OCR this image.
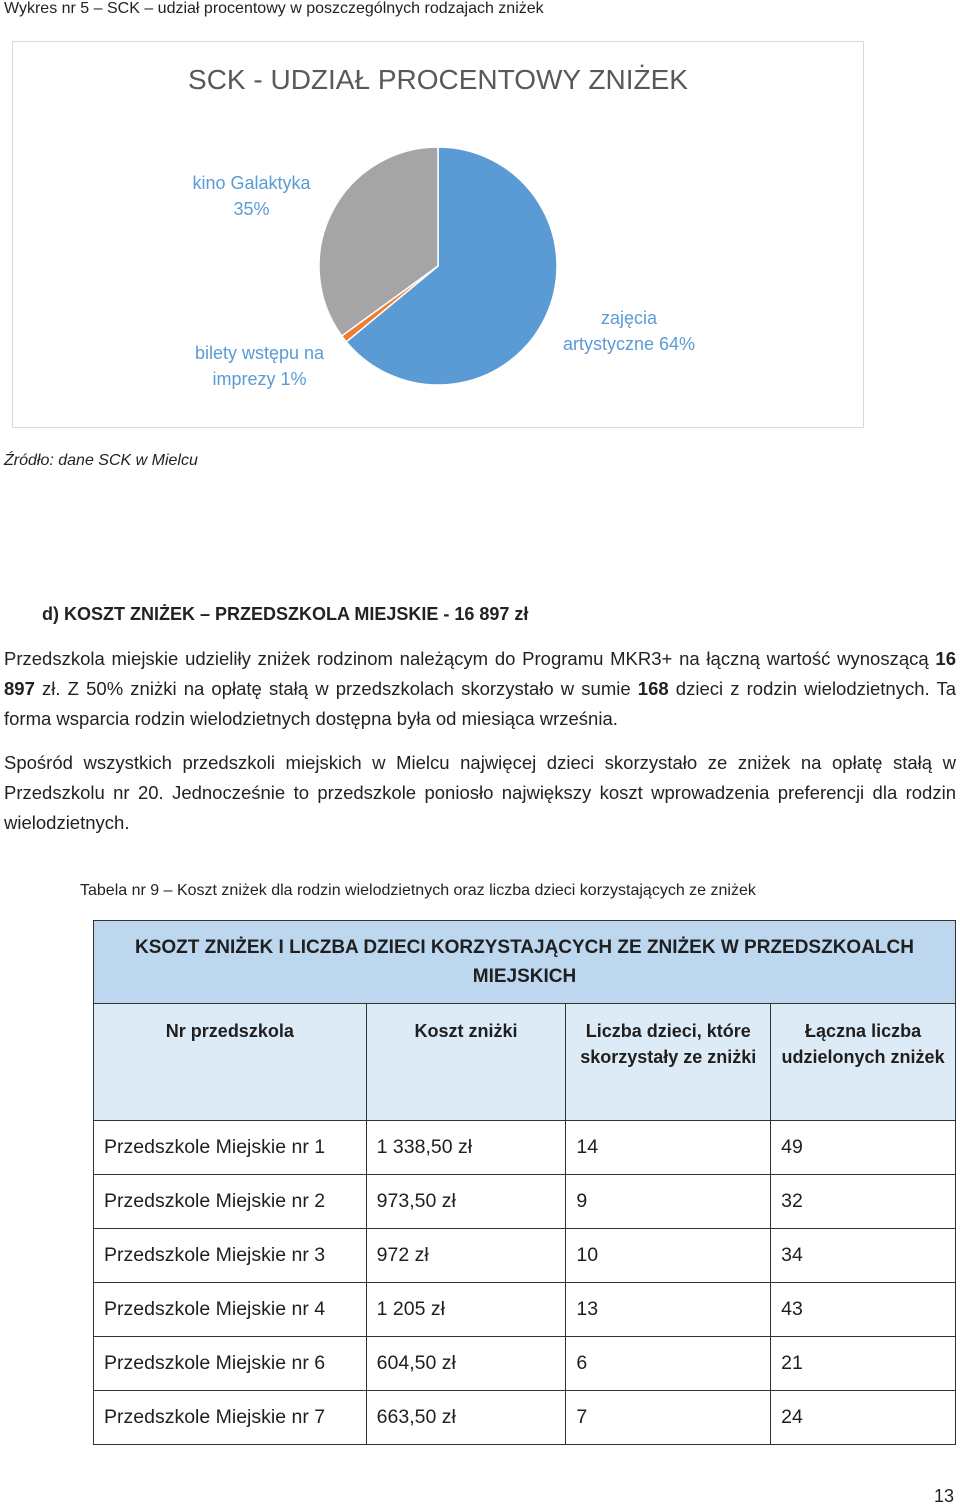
Wykres nr 5 – SCK – udział procentowy w poszczególnych rodzajach zniżek
SCK - UDZIAŁ PROCENTOWY ZNIŻEK
zajęcia
artystyczne 64%
bilety wstępu na
imprezy 1%
kino Galaktyka
35%
Źródło: dane SCK w Mielcu
d) KOSZT ZNIŻEK – PRZEDSZKOLA MIEJSKIE - 16 897 zł
Przedszkola miejskie udzieliły zniżek rodzinom należącym do Programu MKR3+ na łączną wartość wynoszącą 16 897 zł. Z 50% zniżki na opłatę stałą w przedszkolach skorzystało w sumie 168 dzieci z rodzin wielodzietnych. Ta forma wsparcia rodzin wielodzietnych dostępna była od miesiąca września.
Spośród wszystkich przedszkoli miejskich w Mielcu najwięcej dzieci skorzystało ze zniżek na opłatę stałą w Przedszkolu nr 20. Jednocześnie to przedszkole poniosło największy koszt wprowadzenia preferencji dla rodzin wielodzietnych.
Tabela nr 9 – Koszt zniżek dla rodzin wielodzietnych oraz liczba dzieci korzystających ze zniżek
KSOZT ZNIŻEK I LICZBA DZIECI KORZYSTAJĄCYCH ZE ZNIŻEK W PRZEDSZKOALCH MIEJSKICH			
Nr przedszkola	Koszt zniżki	Liczba dzieci, które skorzystały ze zniżki	Łączna liczba udzielonych zniżek
Przedszkole Miejskie nr 1	1 338,50 zł	14	49
Przedszkole Miejskie nr 2	973,50 zł	9	32
Przedszkole Miejskie nr 3	972 zł	10	34
Przedszkole Miejskie nr 4	1 205 zł	13	43
Przedszkole Miejskie nr 6	604,50 zł	6	21
Przedszkole Miejskie nr 7	663,50 zł	7	24
13
